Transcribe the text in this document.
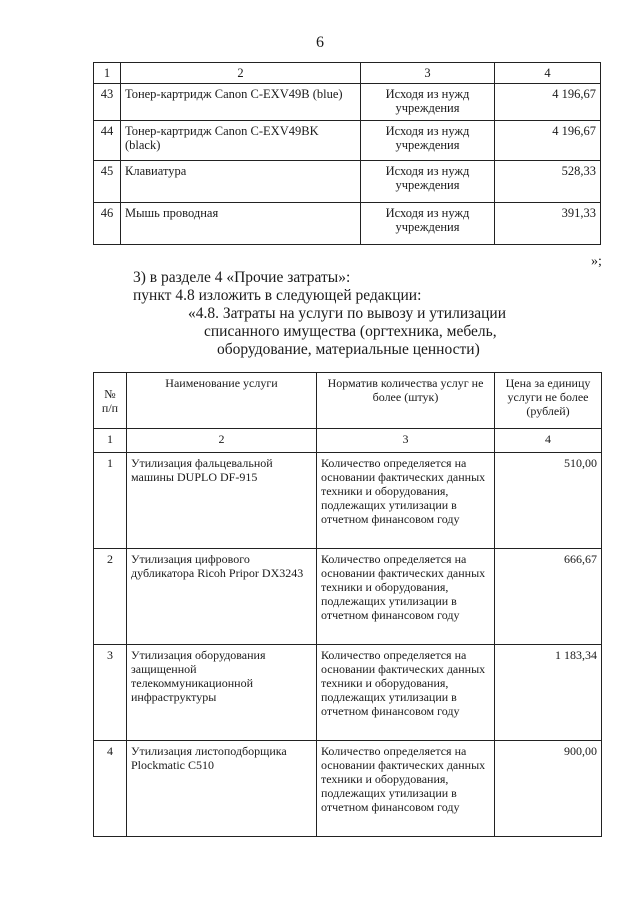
6
1	2	3	4
43	Тонер-картридж Canon C-EXV49B (blue)	Исходя из нужд учреждения	4 196,67
44	Тонер-картридж Canon C-EXV49BK (black)	Исходя из нужд учреждения	4 196,67
45	Клавиатура	Исходя из нужд учреждения	528,33
46	Мышь проводная	Исходя из нужд учреждения	391,33
»;
3) в разделе 4 «Прочие затраты»:
пункт 4.8 изложить в следующей редакции:
«4.8. Затраты на услуги по вывозу и утилизации
списанного имущества (оргтехника, мебель,
оборудование, материальные ценности)
№ п/п	Наименование услуги	Норматив количества услуг не более (штук)	Цена за единицу услуги не более (рублей)
1	2	3	4
1	Утилизация фальцевальной машины DUPLO DF-915	Количество определяется на основании фактических данных техники и оборудования, подлежащих утилизации в отчетном финансовом году	510,00
2	Утилизация цифрового дубликатора Ricoh Pripor DX3243	Количество определяется на основании фактических данных техники и оборудования, подлежащих утилизации в отчетном финансовом году	666,67
3	Утилизация оборудования защищенной телекоммуникационной инфраструктуры	Количество определяется на основании фактических данных техники и оборудования, подлежащих утилизации в отчетном финансовом году	1 183,34
4	Утилизация листоподборщика Plockmatic C510	Количество определяется на основании фактических данных техники и оборудования, подлежащих утилизации в отчетном финансовом году	900,00
